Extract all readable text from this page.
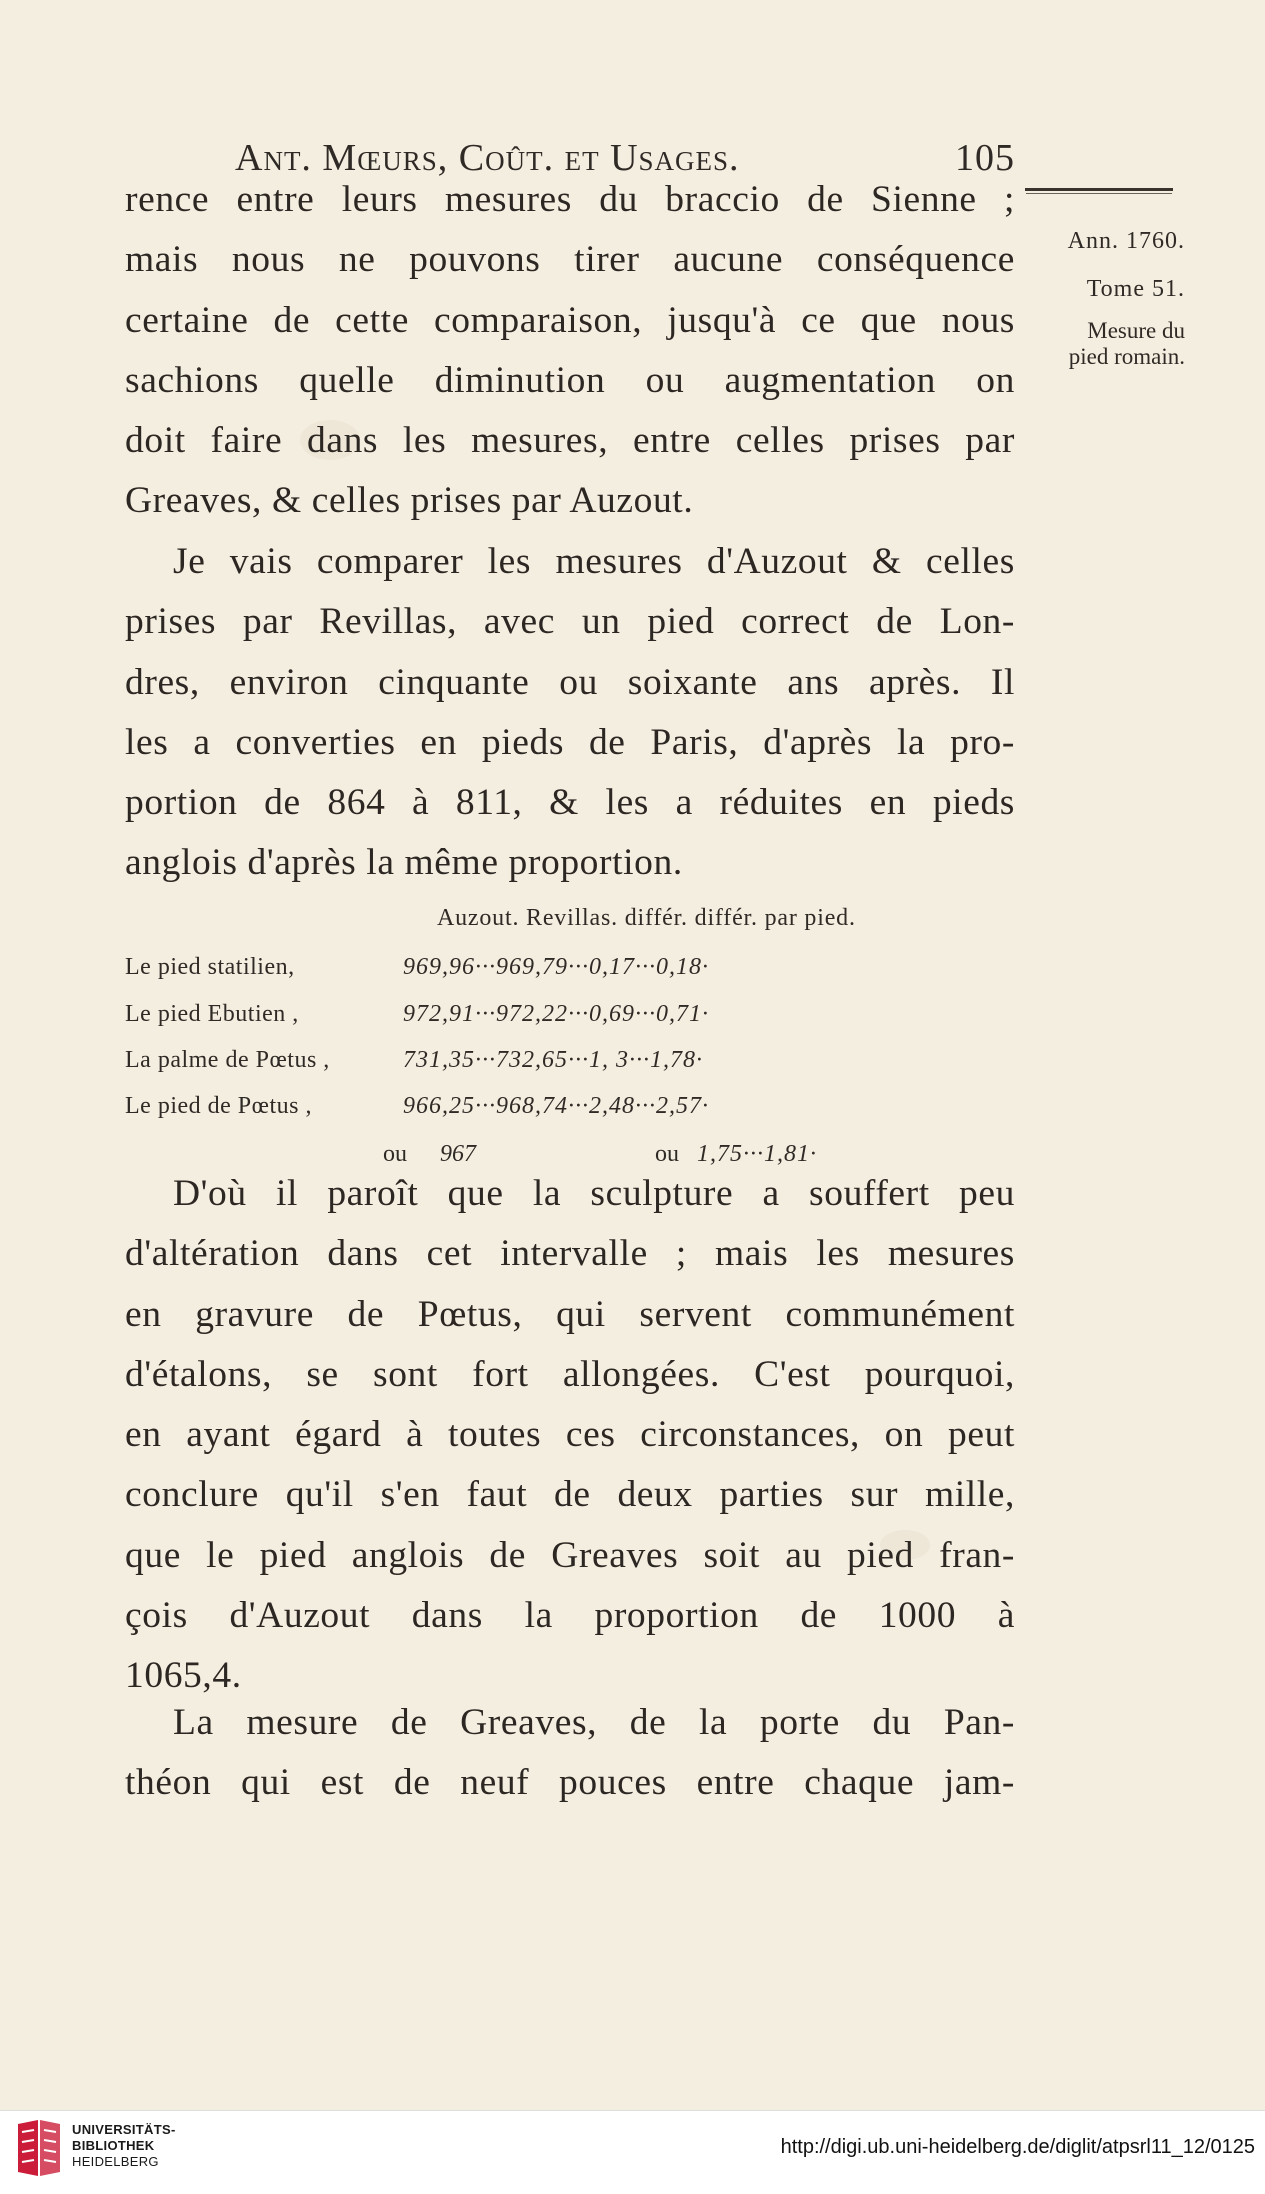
Ant. Mœurs, Coût. et Usages.	105
Ann. 1760.
Tome 51.
Mesure du
pied romain.
rence entre leurs mesures du braccio de Sienne ;
mais nous ne pouvons tirer aucune conséquence
certaine de cette comparaison, jusqu'à ce que nous
sachions quelle diminution ou augmentation on
doit faire dans les mesures, entre celles prises par
Greaves, & celles prises par Auzout.
Je vais comparer les mesures d'Auzout & celles
prises par Revillas, avec un pied correct de Lon-
dres, environ cinquante ou soixante ans après. Il
les a converties en pieds de Paris, d'après la pro-
portion de 864 à 811, & les a réduites en pieds
anglois d'après la même proportion.
Auzout. Revillas. différ. différ. par pied.
Le pied statilien,	969,96···969,79···0,17···0,18·
Le pied Ebutien ,	972,91···972,22···0,69···0,71·
La palme de Pœtus ,	731,35···732,65···1, 3···1,78·
Le pied de Pœtus ,	966,25···968,74···2,48···2,57·
ou 967	ou 1,75···1,81·
D'où il paroît que la sculpture a souffert peu
d'altération dans cet intervalle ; mais les mesures
en gravure de Pœtus, qui servent communément
d'étalons, se sont fort allongées. C'est pourquoi,
en ayant égard à toutes ces circonstances, on peut
conclure qu'il s'en faut de deux parties sur mille,
que le pied anglois de Greaves soit au pied fran-
çois d'Auzout dans la proportion de 1000 à
1065,4.
La mesure de Greaves, de la porte du Pan-
théon qui est de neuf pouces entre chaque jam-
UNIVERSITÄTS-
BIBLIOTHEK
HEIDELBERG
http://digi.ub.uni-heidelberg.de/diglit/atpsrl11_12/0125
